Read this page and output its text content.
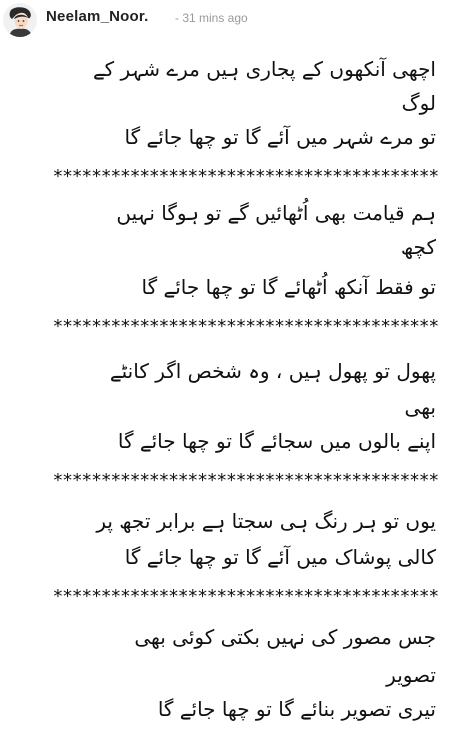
Neelam_Noor. - 31 mins ago
اچھی آنکھوں کے پجاری ہیں مرے شہر کے
لوگ
تو مرے شہر میں آئے گا تو چھا جائے گا
****************************************
ہم قیامت بھی اُٹھائیں گے تو ہوگا نہیں
کچھ
تو فقط آنکھ اُٹھائے گا تو چھا جائے گا
****************************************
پھول تو پھول ہیں ، وہ شخص اگر کانٹے
بھی
اپنے بالوں میں سجائے گا تو چھا جائے گا
****************************************
یوں تو ہر رنگ ہی سجتا ہے برابر تجھ پر
کالی پوشاک میں آئے گا تو چھا جائے گا
****************************************
جس مصور کی نہیں بکتی کوئی بھی
تصویر
تیری تصویر بنائے گا تو چھا جائے گا
